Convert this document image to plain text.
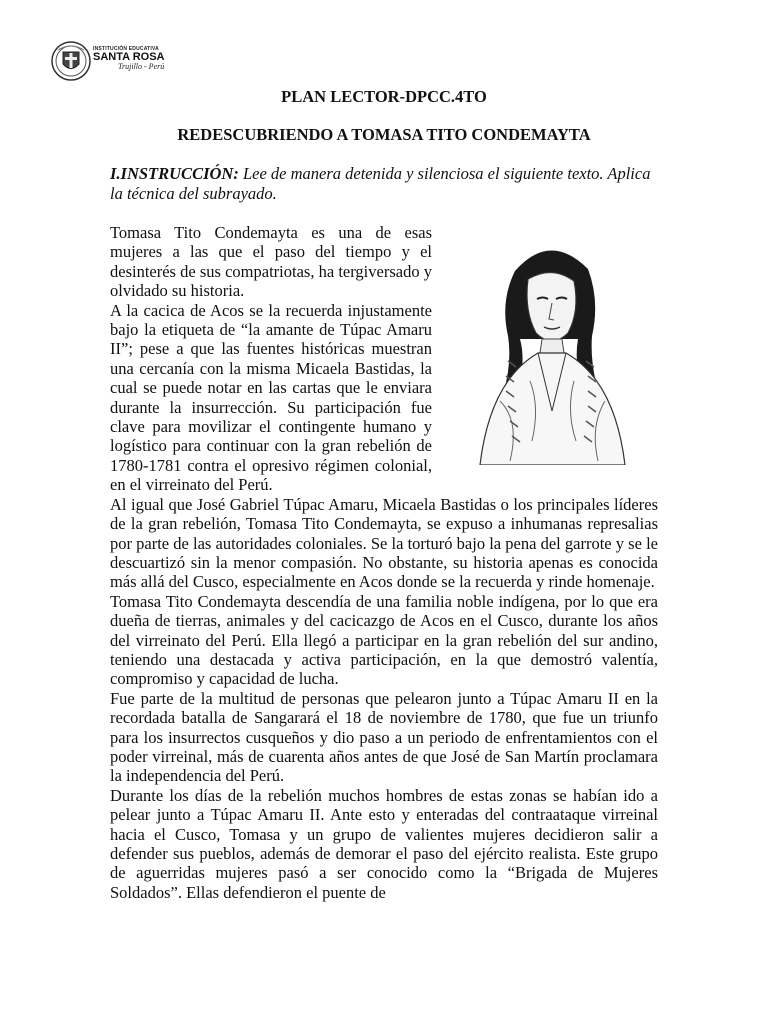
INSTITUCIÓN EDUCATIVA
SANTA ROSA
Trujillo - Perú
PLAN LECTOR-DPCC.4TO
REDESCUBRIENDO A TOMASA TITO CONDEMAYTA

I.INSTRUCCIÓN: Lee de manera detenida y silenciosa el siguiente texto. Aplica la técnica del subrayado.

Tomasa Tito Condemayta es una de esas mujeres a las que el paso del tiempo y el desinterés de sus compatriotas, ha tergiversado y olvidado su historia.

A la cacica de Acos se la recuerda injustamente bajo la etiqueta de “la amante de Túpac Amaru II”; pese a que las fuentes históricas muestran una cercanía con la misma Micaela Bastidas, la cual se puede notar en las cartas que le enviara durante la insurrección. Su participación fue clave para movilizar el contingente humano y logístico para continuar con la gran rebelión de 1780-1781 contra el opresivo régimen colonial, en el virreinato del Perú.

Al igual que José Gabriel Túpac Amaru, Micaela Bastidas o los principales líderes de la gran rebelión, Tomasa Tito Condemayta, se expuso a inhumanas represalias por parte de las autoridades coloniales. Se la torturó bajo la pena del garrote y se le descuartizó sin la menor compasión. No obstante, su historia apenas es conocida más allá del Cusco, especialmente en Acos donde se la recuerda y rinde homenaje.

Tomasa Tito Condemayta descendía de una familia noble indígena, por lo que era dueña de tierras, animales y del cacicazgo de Acos en el Cusco, durante los años del virreinato del Perú. Ella llegó a participar en la gran rebelión del sur andino, teniendo una destacada y activa participación, en la que demostró valentía, compromiso y capacidad de lucha.

Fue parte de la multitud de personas que pelearon junto a Túpac Amaru II en la recordada batalla de Sangarará el 18 de noviembre de 1780, que fue un triunfo para los insurrectos cusqueños y dio paso a un periodo de enfrentamientos con el poder virreinal, más de cuarenta años antes de que José de San Martín proclamara la independencia del Perú.

Durante los días de la rebelión muchos hombres de estas zonas se habían ido a pelear junto a Túpac Amaru II. Ante esto y enteradas del contraataque virreinal hacia el Cusco, Tomasa y un grupo de valientes mujeres decidieron salir a defender sus pueblos, además de demorar el paso del ejército realista. Este grupo de aguerridas mujeres pasó a ser conocido como la “Brigada de Mujeres Soldados”. Ellas defendieron el puente de
